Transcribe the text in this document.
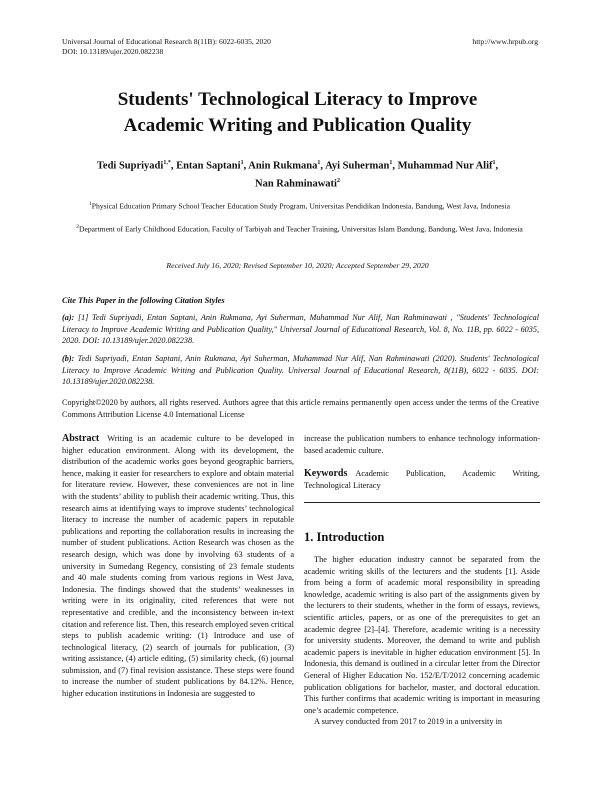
Universal Journal of Educational Research 8(11B): 6022-6035, 2020
DOI: 10.13189/ujer.2020.082238
http://www.hrpub.org
Students' Technological Literacy to Improve
Academic Writing and Publication Quality
Tedi Supriyadi$^{1,*}$, Entan Saptani$^1$, Anin Rukmana$^1$, Ayi Suherman$^1$, Muhammad Nur Alif$^1$,
Nan Rahminawati$^2$
$^1$Physical Education Primary School Teacher Education Study Program, Universitas Pendidikan Indonesia, Bandung, West Java, Indonesia
$^2$Department of Early Childhood Education, Faculty of Tarbiyah and Teacher Training, Universitas Islam Bandung, Bandung, West Java, Indonesia
Received July 16, 2020; Revised September 10, 2020; Accepted September 29, 2020
Cite This Paper in the following Citation Styles
(a): [1] Tedi Supriyadi, Entan Saptani, Anin Rukmana, Ayi Suherman, Muhammad Nur Alif, Nan Rahminawati , "Students' Technological Literacy to Improve Academic Writing and Publication Quality," Universal Journal of Educational Research, Vol. 8, No. 11B, pp. 6022 - 6035, 2020. DOI: 10.13189/ujer.2020.082238.
(b): Tedi Supriyadi, Entan Saptani, Anin Rukmana, Ayi Suherman, Muhammad Nur Alif, Nan Rahminawati (2020). Students' Technological Literacy to Improve Academic Writing and Publication Quality. Universal Journal of Educational Research, 8(11B), 6022 - 6035. DOI: 10.13189/ujer.2020.082238.
Copyright©2020 by authors, all rights reserved. Authors agree that this article remains permanently open access under the terms of the Creative Commons Attribution License 4.0 International License
Abstract Writing is an academic culture to be developed in higher education environment. Along with its development, the distribution of the academic works goes beyond geographic barriers, hence, making it easier for researchers to explore and obtain material for literature review. However, these conveniences are not in line with the students’ ability to publish their academic writing. Thus, this research aims at identifying ways to improve students’ technological literacy to increase the number of academic papers in reputable publications and reporting the collaboration results in increasing the number of student publications. Action Research was chosen as the research design, which was done by involving 63 students of a university in Sumedang Regency, consisting of 23 female students and 40 male students coming from various regions in West Java, Indonesia. The findings showed that the students’ weaknesses in writing were in its originality, cited references that were not representative and credible, and the inconsistency between in-text citation and reference list. Then, this research employed seven critical steps to publish academic writing: (1) Introduce and use of technological literacy, (2) search of journals for publication, (3) writing assistance, (4) article editing, (5) similarity check, (6) journal submission, and (7) final revision assistance. These steps were found to increase the number of student publications by 84.12%. Hence, higher education institutions in Indonesia are suggested to
increase the publication numbers to enhance technology information-based academic culture.
Keywords Academic Publication, Academic Writing, Technological Literacy
1. Introduction

The higher education industry cannot be separated from the academic writing skills of the lecturers and the students [1]. Aside from being a form of academic moral responsibility in spreading knowledge, academic writing is also part of the assignments given by the lecturers to their students, whether in the form of essays, reviews, scientific articles, papers, or as one of the prerequisites to get an academic degree [2]–[4]. Therefore, academic writing is a necessity for university students. Moreover, the demand to write and publish academic papers is inevitable in higher education environment [5]. In Indonesia, this demand is outlined in a circular letter from the Director General of Higher Education No. 152/E/T/2012 concerning academic publication obligations for bachelor, master, and doctoral education. This further confirms that academic writing is important in measuring one’s academic competence.

A survey conducted from 2017 to 2019 in a university in
